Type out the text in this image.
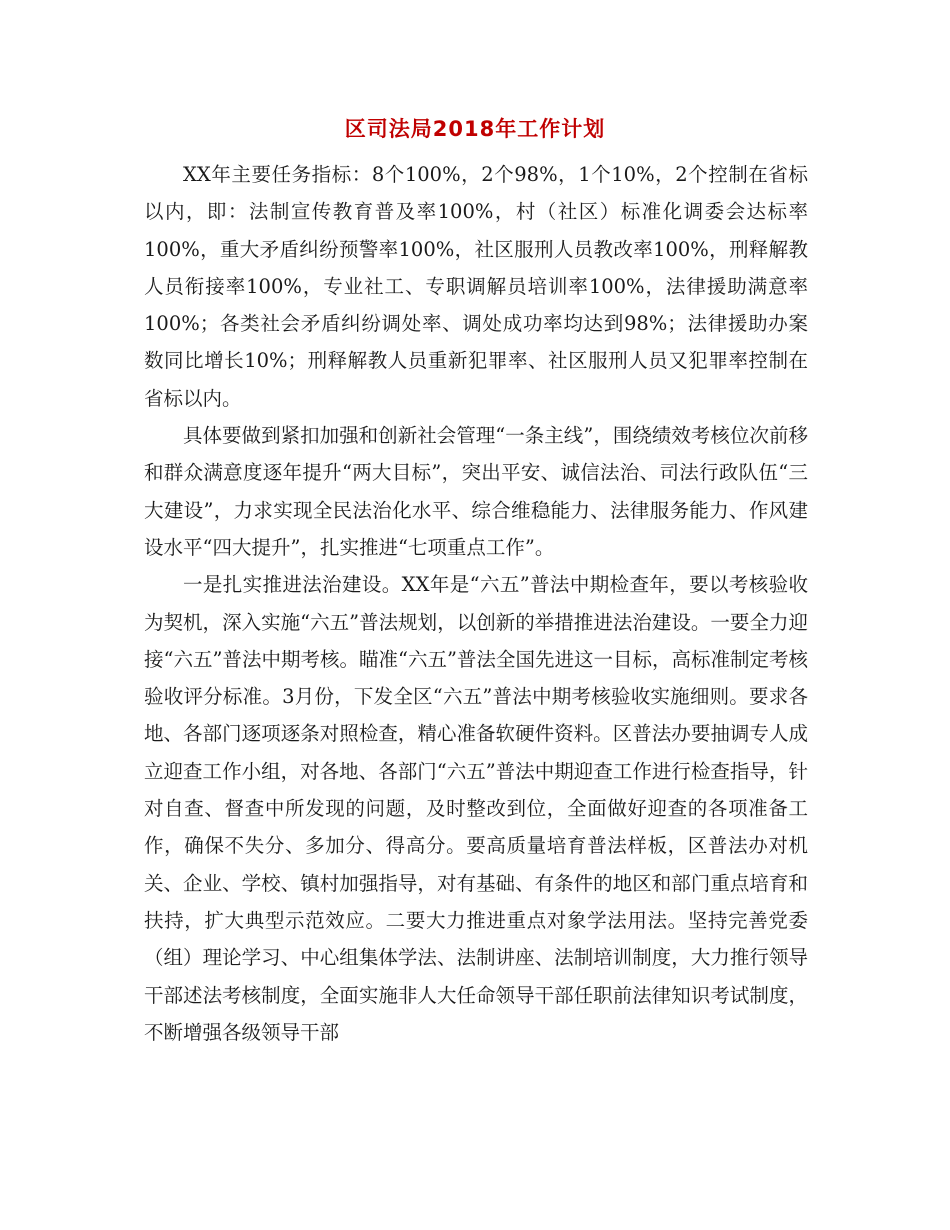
区司法局2018年工作计划

XX年主要任务指标：8个100%，2个98%，1个10%，2个控制在省标以内，即：法制宣传教育普及率100%，村（社区）标准化调委会达标率100%，重大矛盾纠纷预警率100%，社区服刑人员教改率100%，刑释解教人员衔接率100%，专业社工、专职调解员培训率100%，法律援助满意率100%；各类社会矛盾纠纷调处率、调处成功率均达到98%；法律援助办案数同比增长10%；刑释解教人员重新犯罪率、社区服刑人员又犯罪率控制在省标以内。

具体要做到紧扣加强和创新社会管理“一条主线”，围绕绩效考核位次前移和群众满意度逐年提升“两大目标”，突出平安、诚信法治、司法行政队伍“三大建设”，力求实现全民法治化水平、综合维稳能力、法律服务能力、作风建设水平“四大提升”，扎实推进“七项重点工作”。

一是扎实推进法治建设。XX年是“六五”普法中期检查年，要以考核验收为契机，深入实施“六五”普法规划，以创新的举措推进法治建设。一要全力迎接“六五”普法中期考核。瞄准“六五”普法全国先进这一目标，高标准制定考核验收评分标准。3月份，下发全区“六五”普法中期考核验收实施细则。要求各地、各部门逐项逐条对照检查，精心准备软硬件资料。区普法办要抽调专人成立迎查工作小组，对各地、各部门“六五”普法中期迎查工作进行检查指导，针对自查、督查中所发现的问题，及时整改到位，全面做好迎查的各项准备工作，确保不失分、多加分、得高分。要高质量培育普法样板，区普法办对机关、企业、学校、镇村加强指导，对有基础、有条件的地区和部门重点培育和扶持，扩大典型示范效应。二要大力推进重点对象学法用法。坚持完善党委（组）理论学习、中心组集体学法、法制讲座、法制培训制度，大力推行领导干部述法考核制度，全面实施非人大任命领导干部任职前法律知识考试制度，不断增强各级领导干部
